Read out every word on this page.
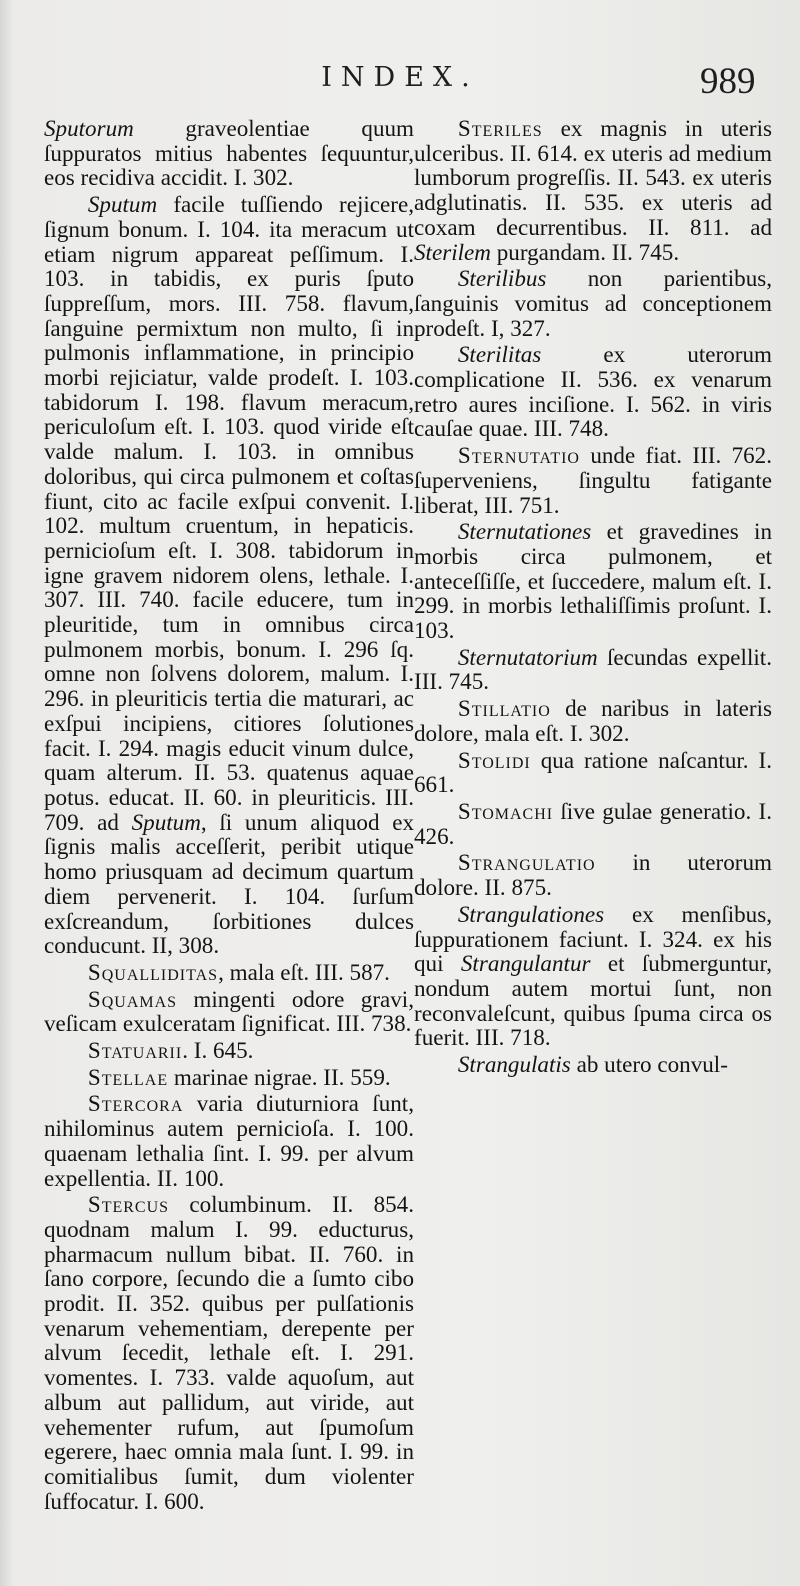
INDEX.	989

Sputorum graveolentiae quum ſuppuratos mitius habentes ſequuntur, eos recidiva accidit. I. 302.

Sputum facile tuſſiendo rejicere, ſignum bonum. I. 104. ita meracum ut etiam nigrum appareat peſſimum. I. 103. in tabidis, ex puris ſputo ſuppreſſum, mors. III. 758. flavum, ſanguine permixtum non multo, ſi in pulmonis inflammatione, in principio morbi rejiciatur, valde prodeſt. I. 103. tabidorum I. 198. flavum meracum, periculoſum eſt. I. 103. quod viride eſt valde malum. I. 103. in omnibus doloribus, qui circa pulmonem et coſtas fiunt, cito ac facile exſpui convenit. I. 102. multum cruentum, in hepaticis. pernicioſum eſt. I. 308. tabidorum in igne gravem nidorem olens, lethale. I. 307. III. 740. facile educere, tum in pleuritide, tum in omnibus circa pulmonem morbis, bonum. I. 296 ſq. omne non ſolvens dolorem, malum. I. 296. in pleuriticis tertia die maturari, ac exſpui incipiens, citiores ſolutiones facit. I. 294. magis educit vinum dulce, quam alterum. II. 53. quatenus aquae potus. educat. II. 60. in pleuriticis. III. 709. ad Sputum, ſi unum aliquod ex ſignis malis acceſſerit, peribit utique homo priusquam ad decimum quartum diem pervenerit. I. 104. ſurſum exſcreandum, ſorbitiones dulces conducunt. II, 308.

Squalliditas, mala eſt. III. 587.

Squamas mingenti odore gravi, veſicam exulceratam ſignificat. III. 738.

Statuarii. I. 645.

Stellae marinae nigrae. II. 559.

Stercora varia diuturniora ſunt, nihilominus autem pernicioſa. I. 100. quaenam lethalia ſint. I. 99. per alvum expellentia. II. 100.

Stercus columbinum. II. 854. quodnam malum I. 99. educturus, pharmacum nullum bibat. II. 760. in ſano corpore, ſecundo die a ſumto cibo prodit. II. 352. quibus per pulſationis venarum vehementiam, derepente per alvum ſecedit, lethale eſt. I. 291. vomentes. I. 733. valde aquoſum, aut album aut pallidum, aut viride, aut vehementer rufum, aut ſpumoſum egerere, haec omnia mala ſunt. I. 99. in comitialibus ſumit, dum violenter ſuffocatur. I. 600.

Steriles ex magnis in uteris ulceribus. II. 614. ex uteris ad medium lumborum progreſſis. II. 543. ex uteris adglutinatis. II. 535. ex uteris ad coxam decurrentibus. II. 811. ad Sterilem purgandam. II. 745.

Sterilibus non parientibus, ſanguinis vomitus ad conceptionem prodeſt. I, 327.

Sterilitas ex uterorum complicatione II. 536. ex venarum retro aures inciſione. I. 562. in viris cauſae quae. III. 748.

Sternutatio unde fiat. III. 762. ſuperveniens, ſingultu fatigante liberat, III. 751.

Sternutationes et gravedines in morbis circa pulmonem, et anteceſſiſſe, et ſuccedere, malum eſt. I. 299. in morbis lethaliſſimis proſunt. I. 103.

Sternutatorium ſecundas expellit. III. 745.

Stillatio de naribus in lateris dolore, mala eſt. I. 302.

Stolidi qua ratione naſcantur. I. 661.

Stomachi ſive gulae generatio. I. 426.

Strangulatio in uterorum dolore. II. 875.

Strangulationes ex menſibus, ſuppurationem faciunt. I. 324. ex his qui Strangulantur et ſubmerguntur, nondum autem mortui ſunt, non reconvaleſcunt, quibus ſpuma circa os fuerit. III. 718.

Strangulatis ab utero convul-
